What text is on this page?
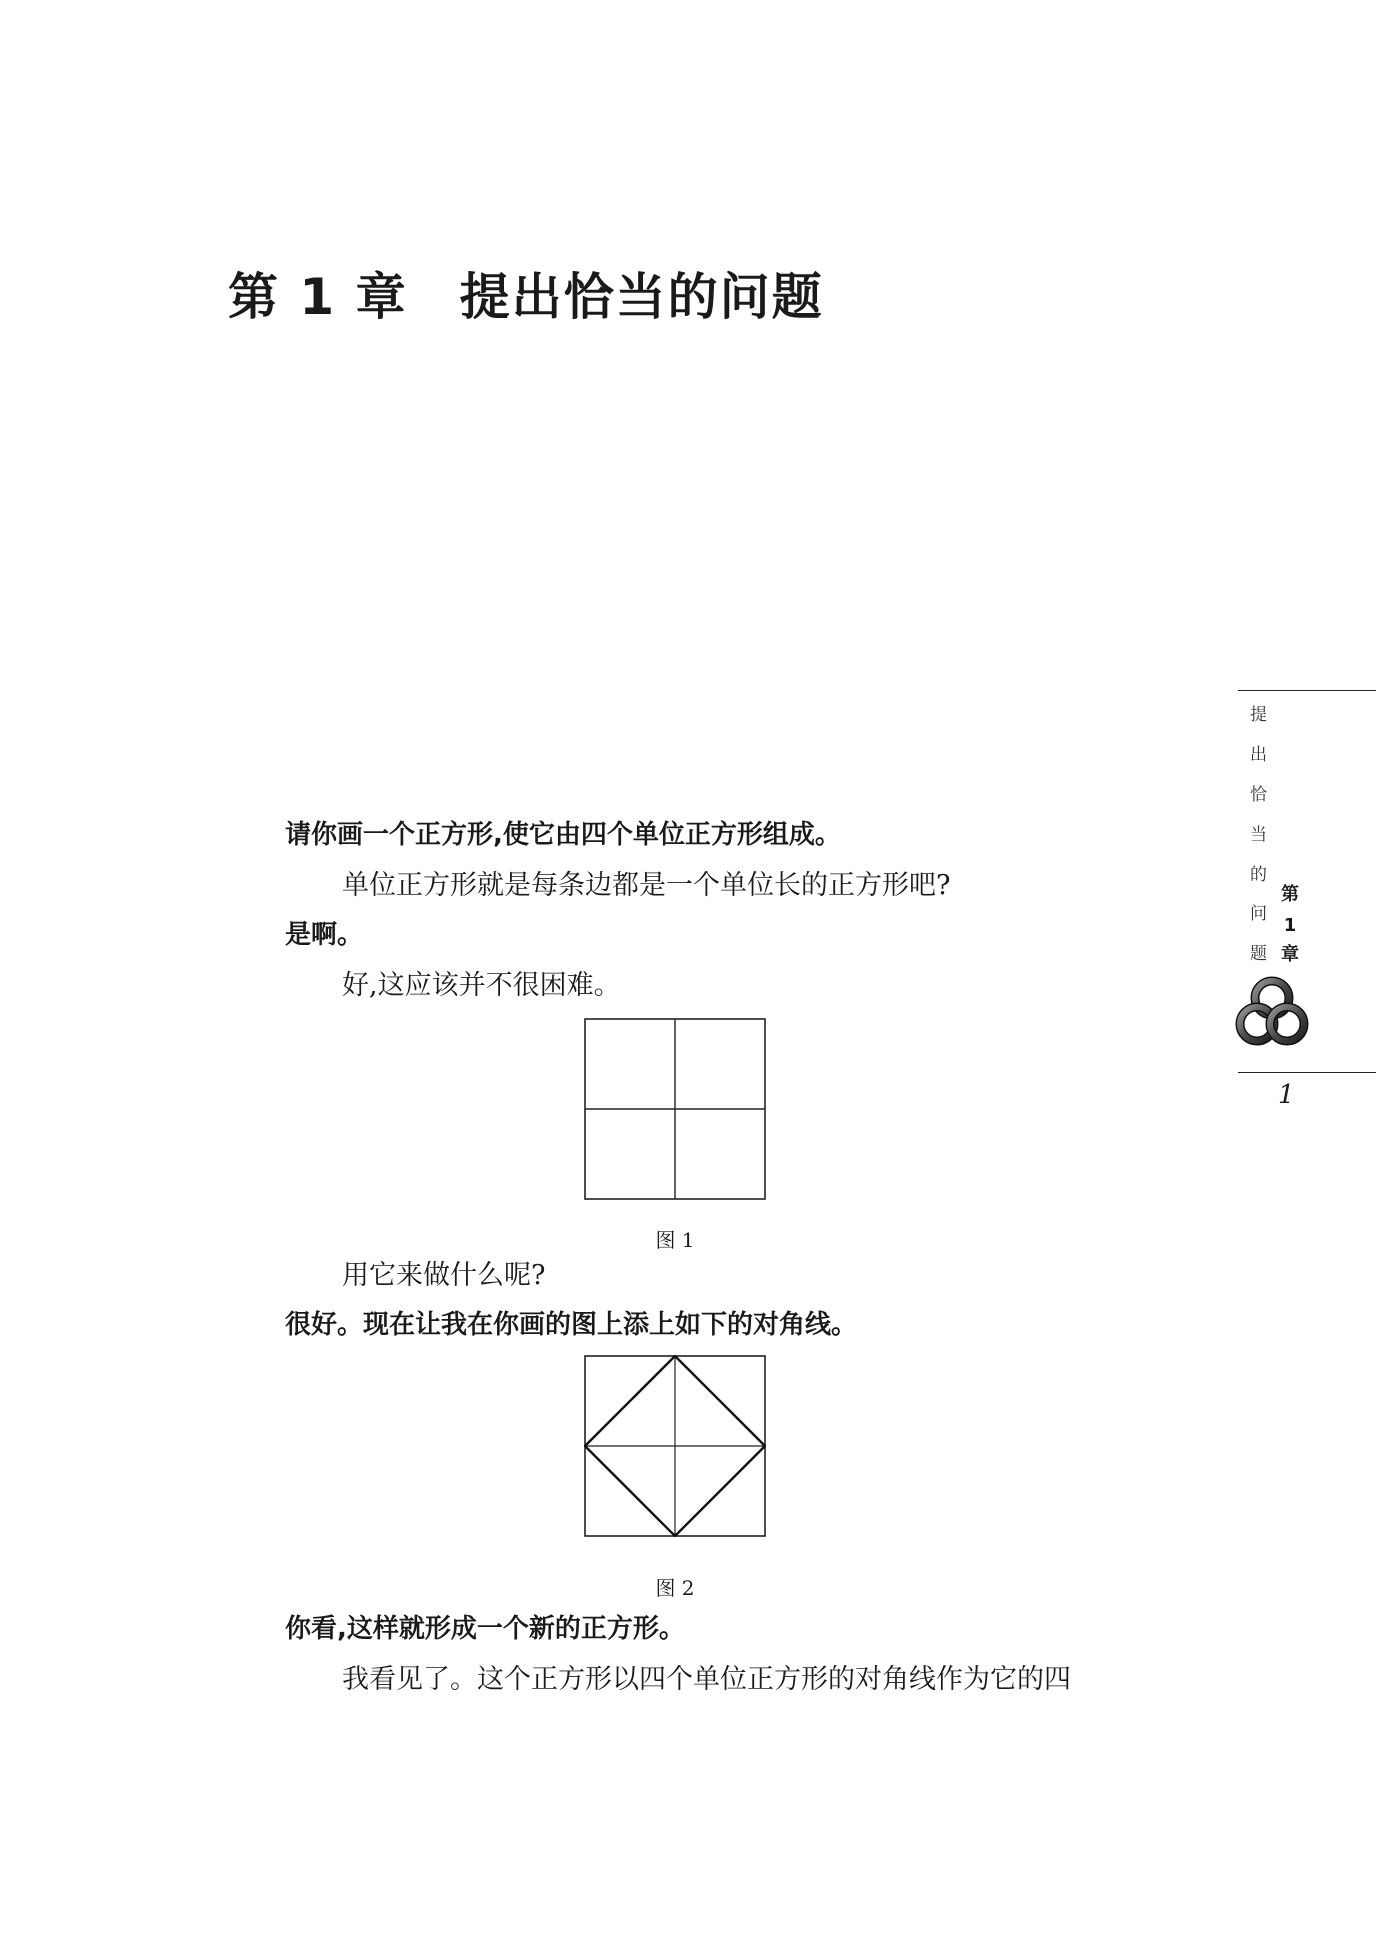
第 1 章 提出恰当的问题
请你画一个正方形,使它由四个单位正方形组成。
单位正方形就是每条边都是一个单位长的正方形吧?
是啊。
好,这应该并不很困难。
图 1
用它来做什么呢?
很好。现在让我在你画的图上添上如下的对角线。
图 2
你看,这样就形成一个新的正方形。
我看见了。这个正方形以四个单位正方形的对角线作为它的四
提
出
恰
当
的
问
题
第
1
章
1
